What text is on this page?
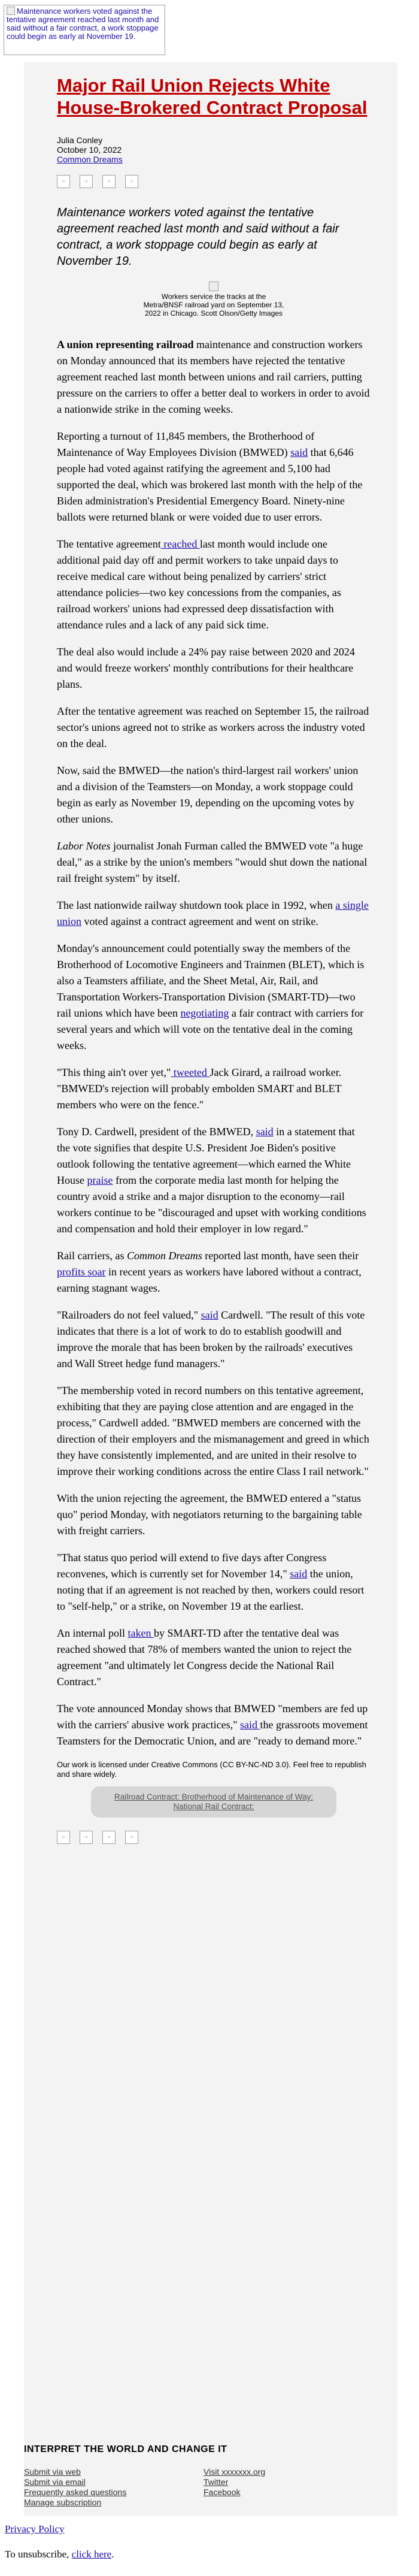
Maintenance workers voted against the tentative agreement reached last month and said without a fair contract, a work stoppage could begin as early at November 19.
Major Rail Union Rejects White House-Brokered Contract Proposal
Julia Conley
October 10, 2022
Common Dreams
▫	▫	▫	▫

Maintenance workers voted against the tentative agreement reached last month and said without a fair contract, a work stoppage could begin as early at November 19.

Workers service the tracks at the Metra/BNSF railroad yard on September 13, 2022 in Chicago. Scott Olson/Getty Images

A union representing railroad maintenance and construction workers on Monday announced that its members have rejected the tentative agreement reached last month between unions and rail carriers, putting pressure on the carriers to offer a better deal to workers in order to avoid a nationwide strike in the coming weeks.

Reporting a turnout of 11,845 members, the Brotherhood of Maintenance of Way Employees Division (BMWED) said that 6,646 people had voted against ratifying the agreement and 5,100 had supported the deal, which was brokered last month with the help of the Biden administration's Presidential Emergency Board. Ninety-nine ballots were returned blank or were voided due to user errors.

The tentative agreement reached last month would include one additional paid day off and permit workers to take unpaid days to receive medical care without being penalized by carriers' strict attendance policies—two key concessions from the companies, as railroad workers' unions had expressed deep dissatisfaction with attendance rules and a lack of any paid sick time.

The deal also would include a 24% pay raise between 2020 and 2024 and would freeze workers' monthly contributions for their healthcare plans.

After the tentative agreement was reached on September 15, the railroad sector's unions agreed not to strike as workers across the industry voted on the deal.

Now, said the BMWED—the nation's third-largest rail workers' union and a division of the Teamsters—on Monday, a work stoppage could begin as early as November 19, depending on the upcoming votes by other unions.

Labor Notes journalist Jonah Furman called the BMWED vote "a huge deal," as a strike by the union's members "would shut down the national rail freight system" by itself.

The last nationwide railway shutdown took place in 1992, when a single union voted against a contract agreement and went on strike.

Monday's announcement could potentially sway the members of the Brotherhood of Locomotive Engineers and Trainmen (BLET), which is also a Teamsters affiliate, and the Sheet Metal, Air, Rail, and Transportation Workers-Transportation Division (SMART-TD)—two rail unions which have been negotiating a fair contract with carriers for several years and which will vote on the tentative deal in the coming weeks.

"This thing ain't over yet," tweeted Jack Girard, a railroad worker. "BMWED's rejection will probably embolden SMART and BLET members who were on the fence."

Tony D. Cardwell, president of the BMWED, said in a statement that the vote signifies that despite U.S. President Joe Biden's positive outlook following the tentative agreement—which earned the White House praise from the corporate media last month for helping the country avoid a strike and a major disruption to the economy—rail workers continue to be "discouraged and upset with working conditions and compensation and hold their employer in low regard."

Rail carriers, as Common Dreams reported last month, have seen their profits soar in recent years as workers have labored without a contract, earning stagnant wages.

"Railroaders do not feel valued," said Cardwell. "The result of this vote indicates that there is a lot of work to do to establish goodwill and improve the morale that has been broken by the railroads' executives and Wall Street hedge fund managers."

"The membership voted in record numbers on this tentative agreement, exhibiting that they are paying close attention and are engaged in the process," Cardwell added. "BMWED members are concerned with the direction of their employers and the mismanagement and greed in which they have consistently implemented, and are united in their resolve to improve their working conditions across the entire Class I rail network."

With the union rejecting the agreement, the BMWED entered a "status quo" period Monday, with negotiators returning to the bargaining table with freight carriers.

"That status quo period will extend to five days after Congress reconvenes, which is currently set for November 14," said the union, noting that if an agreement is not reached by then, workers could resort to "self-help," or a strike, on November 19 at the earliest.

An internal poll taken by SMART-TD after the tentative deal was reached showed that 78% of members wanted the union to reject the agreement "and ultimately let Congress decide the National Rail Contract."

The vote announced Monday shows that BMWED "members are fed up with the carriers' abusive work practices," said the grassroots movement Teamsters for the Democratic Union, and are "ready to demand more."

Our work is licensed under Creative Commons (CC BY-NC-ND 3.0). Feel free to republish and share widely.
Railroad Contract: Brotherhood of Maintenance of Way: National Rail Contract:
▫	▫	▫	▫
INTERPRET THE WORLD AND CHANGE IT
Submit via web
Submit via email
Frequently asked questions
Manage subscription
Visit xxxxxxx.org
Twitter
Facebook
Privacy Policy
To unsubscribe, click here.
